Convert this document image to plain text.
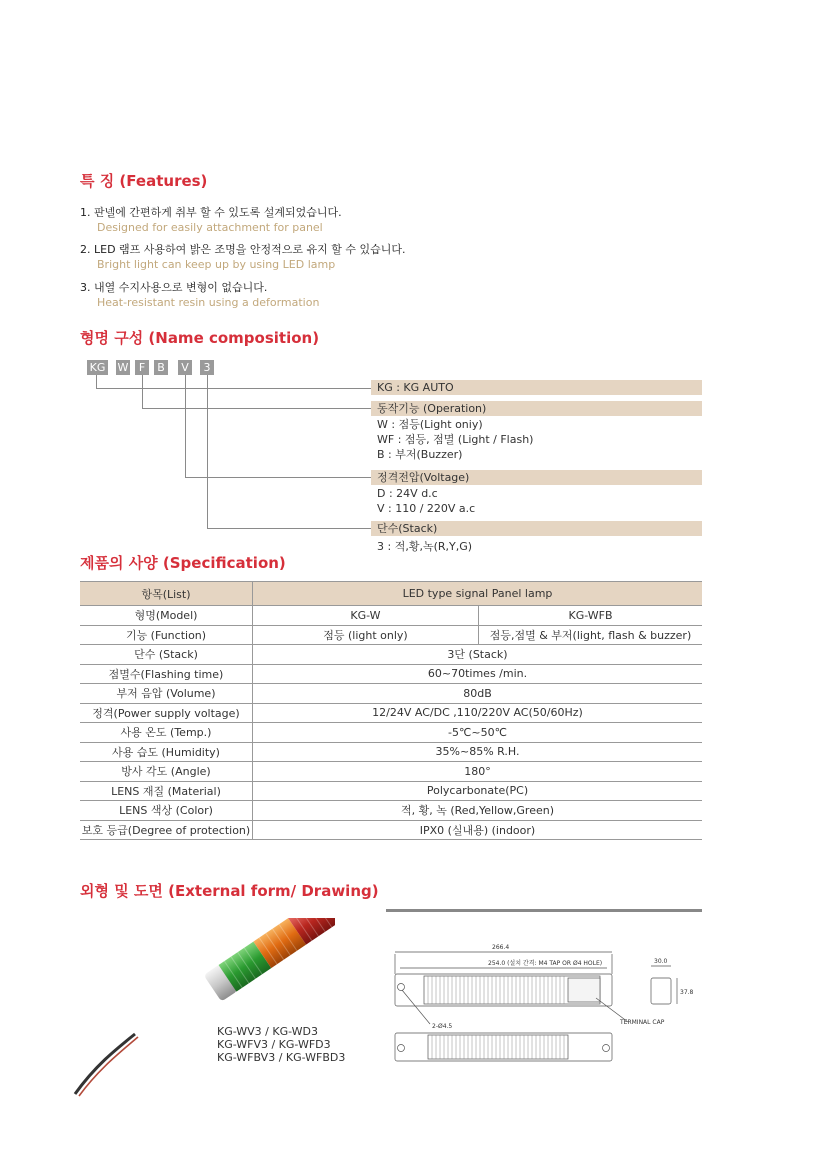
특 징 (Features)
1. 판넬에 간편하게 취부 할 수 있도록 설계되었습니다.
Designed for easily attachment for panel
2. LED 램프 사용하여 밝은 조명을 안정적으로 유지 할 수 있습니다.
Bright light can keep up by using LED lamp
3. 내열 수지사용으로 변형이 없습니다.
Heat-resistant resin using a deformation
형명 구성 (Name composition)
KG W F	B V	3
KG : KG AUTO
동작기능 (Operation)
W : 점등(Light oniy)
WF : 점등, 점멸 (Light / Flash)
B : 부저(Buzzer)
정격전압(Voltage)
D : 24V d.c
V : 110 / 220V a.c
단수(Stack)
3 : 적,황,녹(R,Y,G)
제품의 사양 (Specification)
항목(List)	LED type signal Panel lamp	
형명(Model)	KG-W	KG-WFB
기능 (Function)	점등 (light only)	점등,점멸 & 부저(light, flash & buzzer)
단수 (Stack)	3단 (Stack)	
점멸수(Flashing time)	60~70times /min.	
부저 음압 (Volume)	80dB	
정격(Power supply voltage)	12/24V AC/DC ,110/220V AC(50/60Hz)	
사용 온도 (Temp.)	-5℃~50℃	
사용 습도 (Humidity)	35%~85% R.H.	
방사 각도 (Angle)	180°	
LENS 재질 (Material)	Polycarbonate(PC)	
LENS 색상 (Color)	적, 황, 녹 (Red,Yellow,Green)	
보호 등급(Degree of protection)	IPX0 (실내용) (indoor)	
외형 및 도면 (External form/ Drawing)
KG-WV3 / KG-WD3
KG-WFV3 / KG-WFD3
KG-WFBV3 / KG-WFBD3
266.4
254.0 (설치 간격: M4 TAP OR Ø4 HOLE)	30.0
37.8
2-Ø4.5
TERMINAL CAP
